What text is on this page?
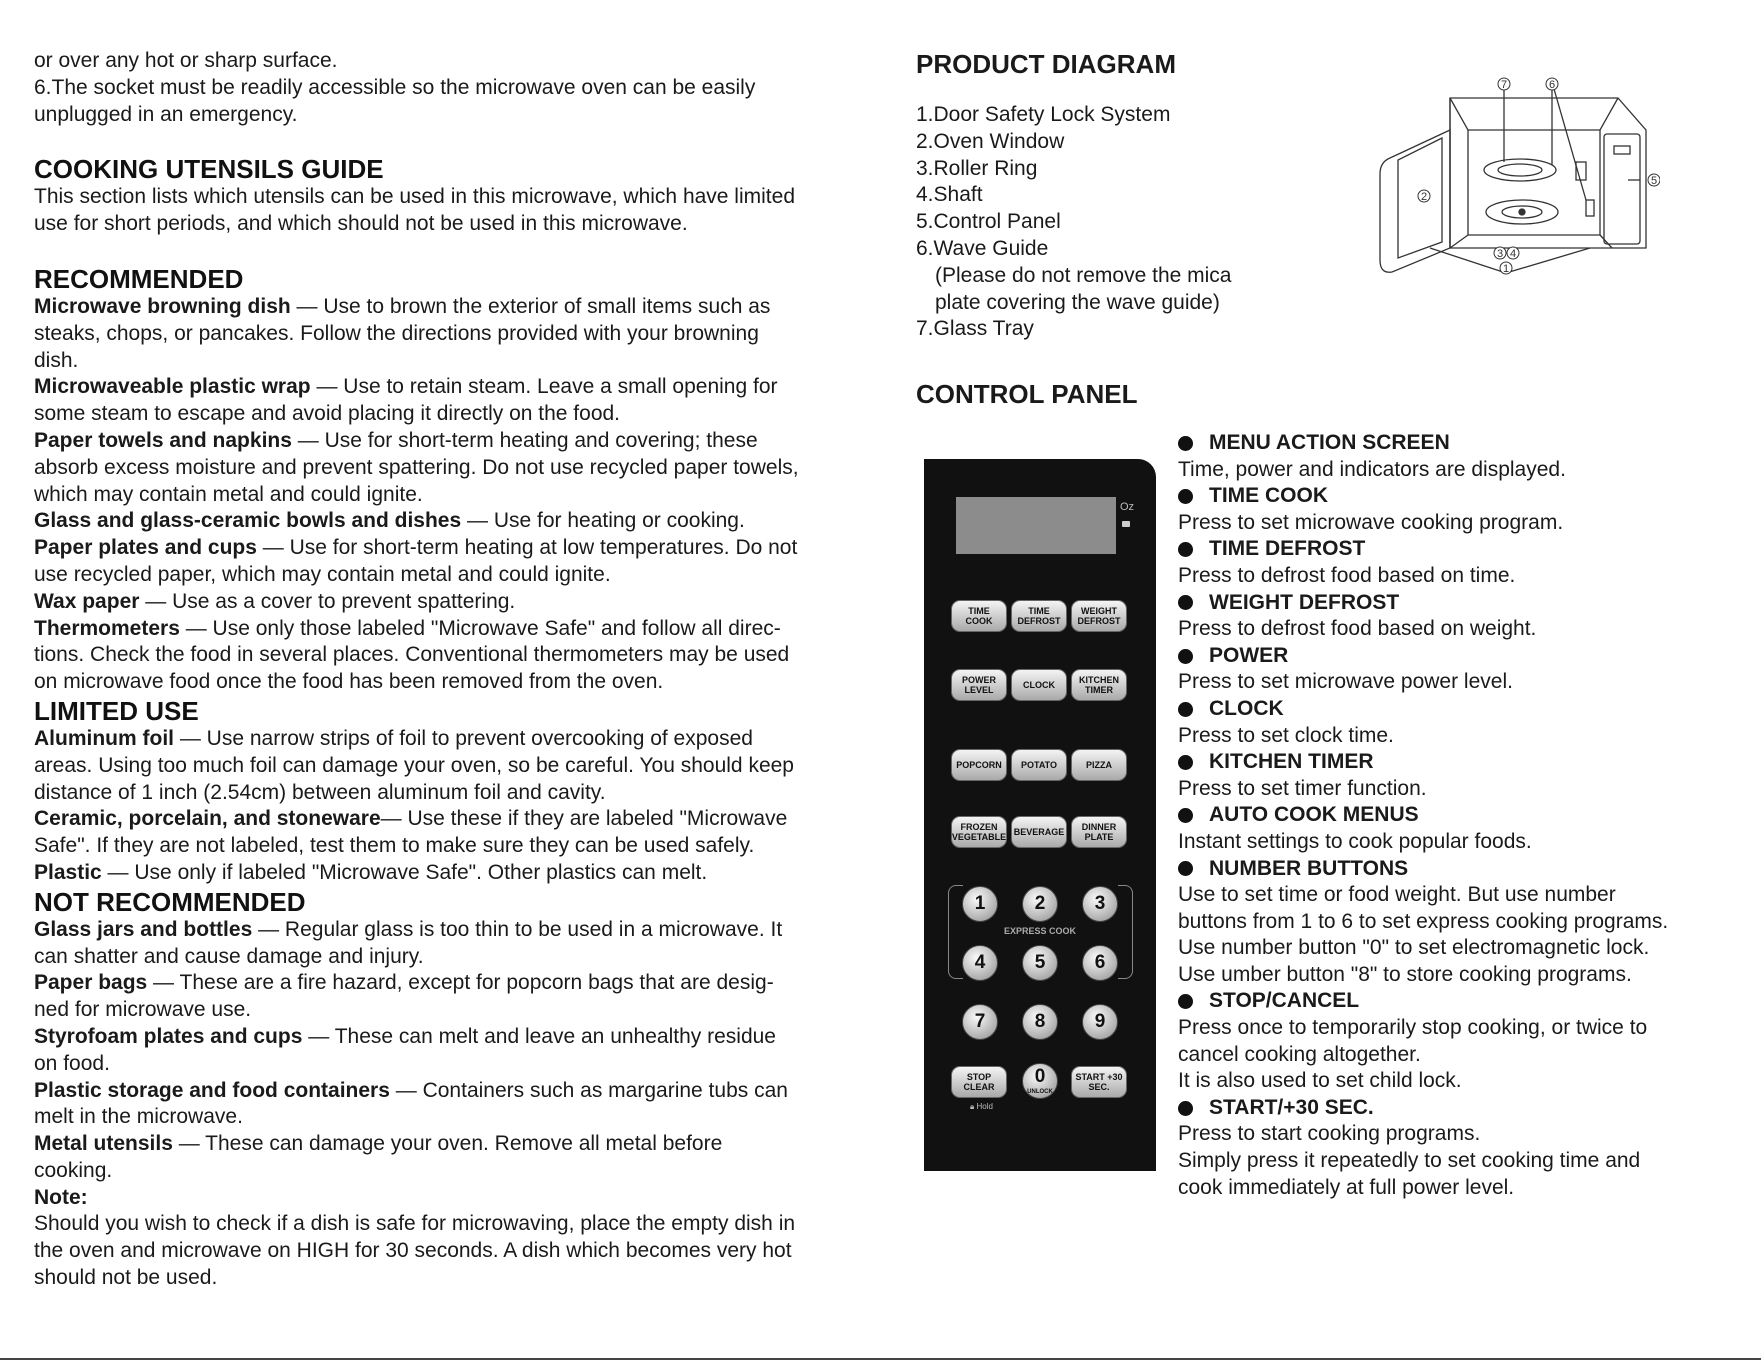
or over any hot or sharp surface.

6.The socket must be readily accessible so the microwave oven can be easily

unplugged in an emergency.

COOKING UTENSILS GUIDE

This section lists which utensils can be used in this microwave, which have limited

use for short periods, and which should not be used in this microwave.

RECOMMENDED

Microwave browning dish — Use to brown the exterior of small items such as

steaks, chops, or pancakes. Follow the directions provided with your browning

dish.

Microwaveable plastic wrap — Use to retain steam. Leave a small opening for

some steam to escape and avoid placing it directly on the food.

Paper towels and napkins — Use for short-term heating and covering; these

absorb excess moisture and prevent spattering. Do not use recycled paper towels,

which may contain metal and could ignite.

Glass and glass-ceramic bowls and dishes — Use for heating or cooking.

Paper plates and cups — Use for short-term heating at low temperatures. Do not

use recycled paper, which may contain metal and could ignite.

Wax paper — Use as a cover to prevent spattering.

Thermometers — Use only those labeled "Microwave Safe" and follow all direc-

tions. Check the food in several places. Conventional thermometers may be used

on microwave food once the food has been removed from the oven.

LIMITED USE

Aluminum foil — Use narrow strips of foil to prevent overcooking of exposed

areas. Using too much foil can damage your oven, so be careful. You should keep

distance of 1 inch (2.54cm) between aluminum foil and cavity.

Ceramic, porcelain, and stoneware— Use these if they are labeled "Microwave

Safe". If they are not labeled, test them to make sure they can be used safely.

Plastic — Use only if labeled "Microwave Safe". Other plastics can melt.

NOT RECOMMENDED

Glass jars and bottles — Regular glass is too thin to be used in a microwave. It

can shatter and cause damage and injury.

Paper bags — These are a fire hazard, except for popcorn bags that are desig-

ned for microwave use.

Styrofoam plates and cups — These can melt and leave an unhealthy residue

on food.

Plastic storage and food containers — Containers such as margarine tubs can

melt in the microwave.

Metal utensils — These can damage your oven. Remove all metal before

cooking.

Note:

Should you wish to check if a dish is safe for microwaving, place the empty dish in

the oven and microwave on HIGH for 30 seconds. A dish which becomes very hot

should not be used.

PRODUCT DIAGRAM

1.Door Safety Lock System

2.Oven Window

3.Roller Ring

4.Shaft

5.Control Panel

6.Wave Guide

(Please do not remove the mica

plate covering the wave guide)

7.Glass Tray

7	6
2
5
3 4
1
CONTROL PANEL
Oz
TIME COOK
TIME DEFROST
WEIGHT DEFROST
POWER LEVEL	CLOCK	KITCHEN TIMER
POPCORN	POTATO	PIZZA
FROZEN VEGETABLE BEVERAGE	DINNER PLATE
1	2	3
EXPRESS COOK
4	5	6
7	8	9
STOP CLEAR	0
UNLOCK
START +30 SEC.
🔒︎ Hold

MENU ACTION SCREEN

Time, power and indicators are displayed.

TIME COOK

Press to set microwave cooking program.

TIME DEFROST

Press to defrost food based on time.

WEIGHT DEFROST

Press to defrost food based on weight.

POWER

Press to set microwave power level.

CLOCK

Press to set clock time.

KITCHEN TIMER

Press to set timer function.

AUTO COOK MENUS

Instant settings to cook popular foods.

NUMBER BUTTONS

Use to set time or food weight. But use number

buttons from 1 to 6 to set express cooking programs.

Use number button "0" to set electromagnetic lock.

Use umber button "8" to store cooking programs.

STOP/CANCEL

Press once to temporarily stop cooking, or twice to

cancel cooking altogether.

It is also used to set child lock.

START/+30 SEC.

Press to start cooking programs.

Simply press it repeatedly to set cooking time and

cook immediately at full power level.
